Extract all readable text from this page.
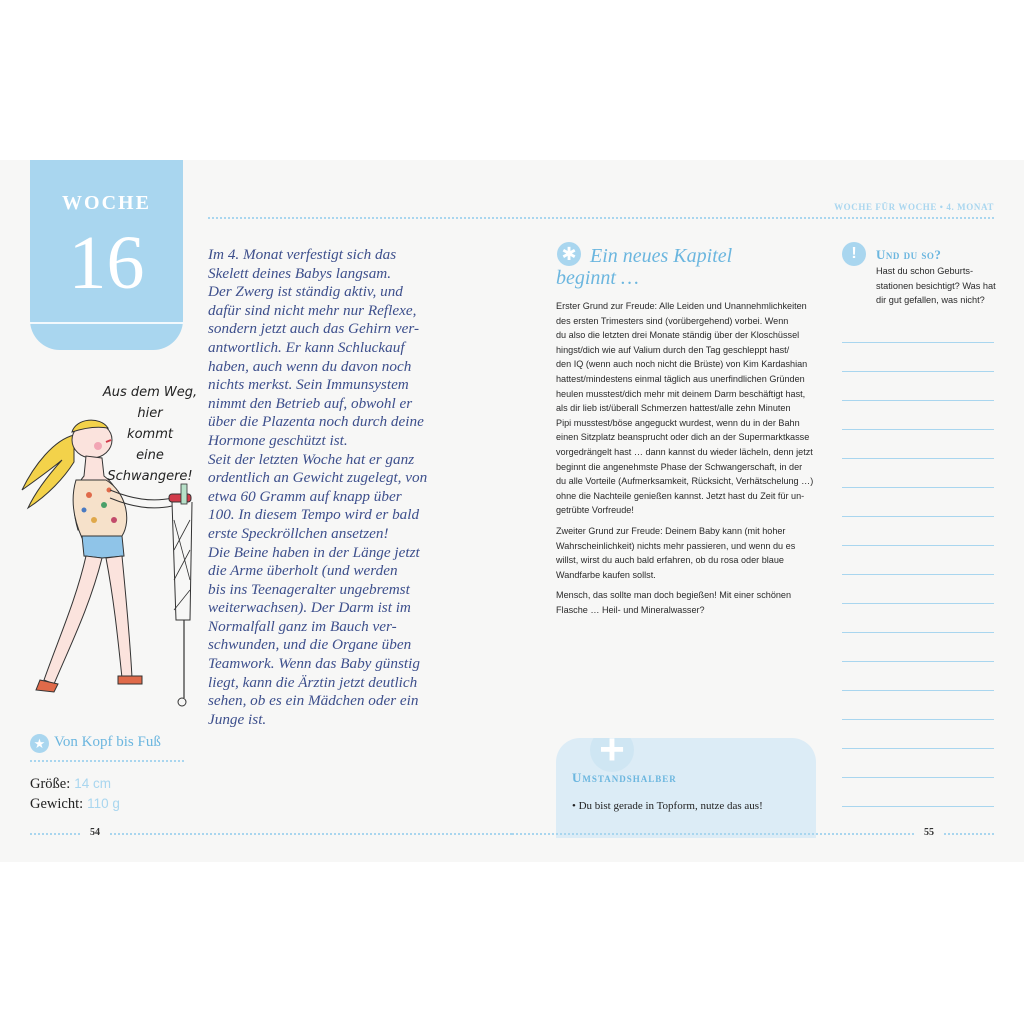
WOCHE
16
Aus dem Weg,
hier
kommt
eine
Schwangere!
Im 4. Monat verfestigt sich das
Skelett deines Babys langsam.
Der Zwerg ist ständig aktiv, und
dafür sind nicht mehr nur Reflexe,
sondern jetzt auch das Gehirn ver-
antwortlich. Er kann Schluckauf
haben, auch wenn du davon noch
nichts merkst. Sein Immunsystem
nimmt den Betrieb auf, obwohl er
über die Plazenta noch durch deine
Hormone geschützt ist.
Seit der letzten Woche hat er ganz
ordentlich an Gewicht zugelegt, von
etwa 60 Gramm auf knapp über
100. In diesem Tempo wird er bald
erste Speckröllchen ansetzen!
Die Beine haben in der Länge jetzt
die Arme überholt (und werden
bis ins Teenageralter ungebremst
weiterwachsen). Der Darm ist im
Normalfall ganz im Bauch ver-
schwunden, und die Organe üben
Teamwork. Wenn das Baby günstig
liegt, kann die Ärztin jetzt deutlich
sehen, ob es ein Mädchen oder ein
Junge ist.
★ Von Kopf bis Fuß
Größe: 14 cm
Gewicht: 110 g
54
WOCHE FÜR WOCHE • 4. MONAT
✱ Ein neues Kapitel beginnt …

Erster Grund zur Freude: Alle Leiden und Unannehmlichkeiten
des ersten Trimesters sind (vorübergehend) vorbei. Wenn
du also die letzten drei Monate ständig über der Kloschüssel
hingst/dich wie auf Valium durch den Tag geschleppt hast/
den IQ (wenn auch noch nicht die Brüste) von Kim Kardashian
hattest/mindestens einmal täglich aus unerfindlichen Gründen
heulen musstest/dich mehr mit deinem Darm beschäftigt hast,
als dir lieb ist/überall Schmerzen hattest/alle zehn Minuten
Pipi musstest/böse angeguckt wurdest, wenn du in der Bahn
einen Sitzplatz beansprucht oder dich an der Supermarktkasse
vorgedrängelt hast … dann kannst du wieder lächeln, denn jetzt
beginnt die angenehmste Phase der Schwangerschaft, in der
du alle Vorteile (Aufmerksamkeit, Rücksicht, Verhätschelung …)
ohne die Nachteile genießen kannst. Jetzt hast du Zeit für un-
getrübte Vorfreude!

Zweiter Grund zur Freude: Deinem Baby kann (mit hoher
Wahrscheinlichkeit) nichts mehr passieren, und wenn du es
willst, wirst du auch bald erfahren, ob du rosa oder blaue
Wandfarbe kaufen sollst.

Mensch, das sollte man doch begießen! Mit einer schönen
Flasche … Heil- und Mineralwasser?

+
Umstandshalber
• Du bist gerade in Topform, nutze das aus!
!	Und du so?
Hast du schon Geburts-
stationen besichtigt? Was hat
dir gut gefallen, was nicht?
55
